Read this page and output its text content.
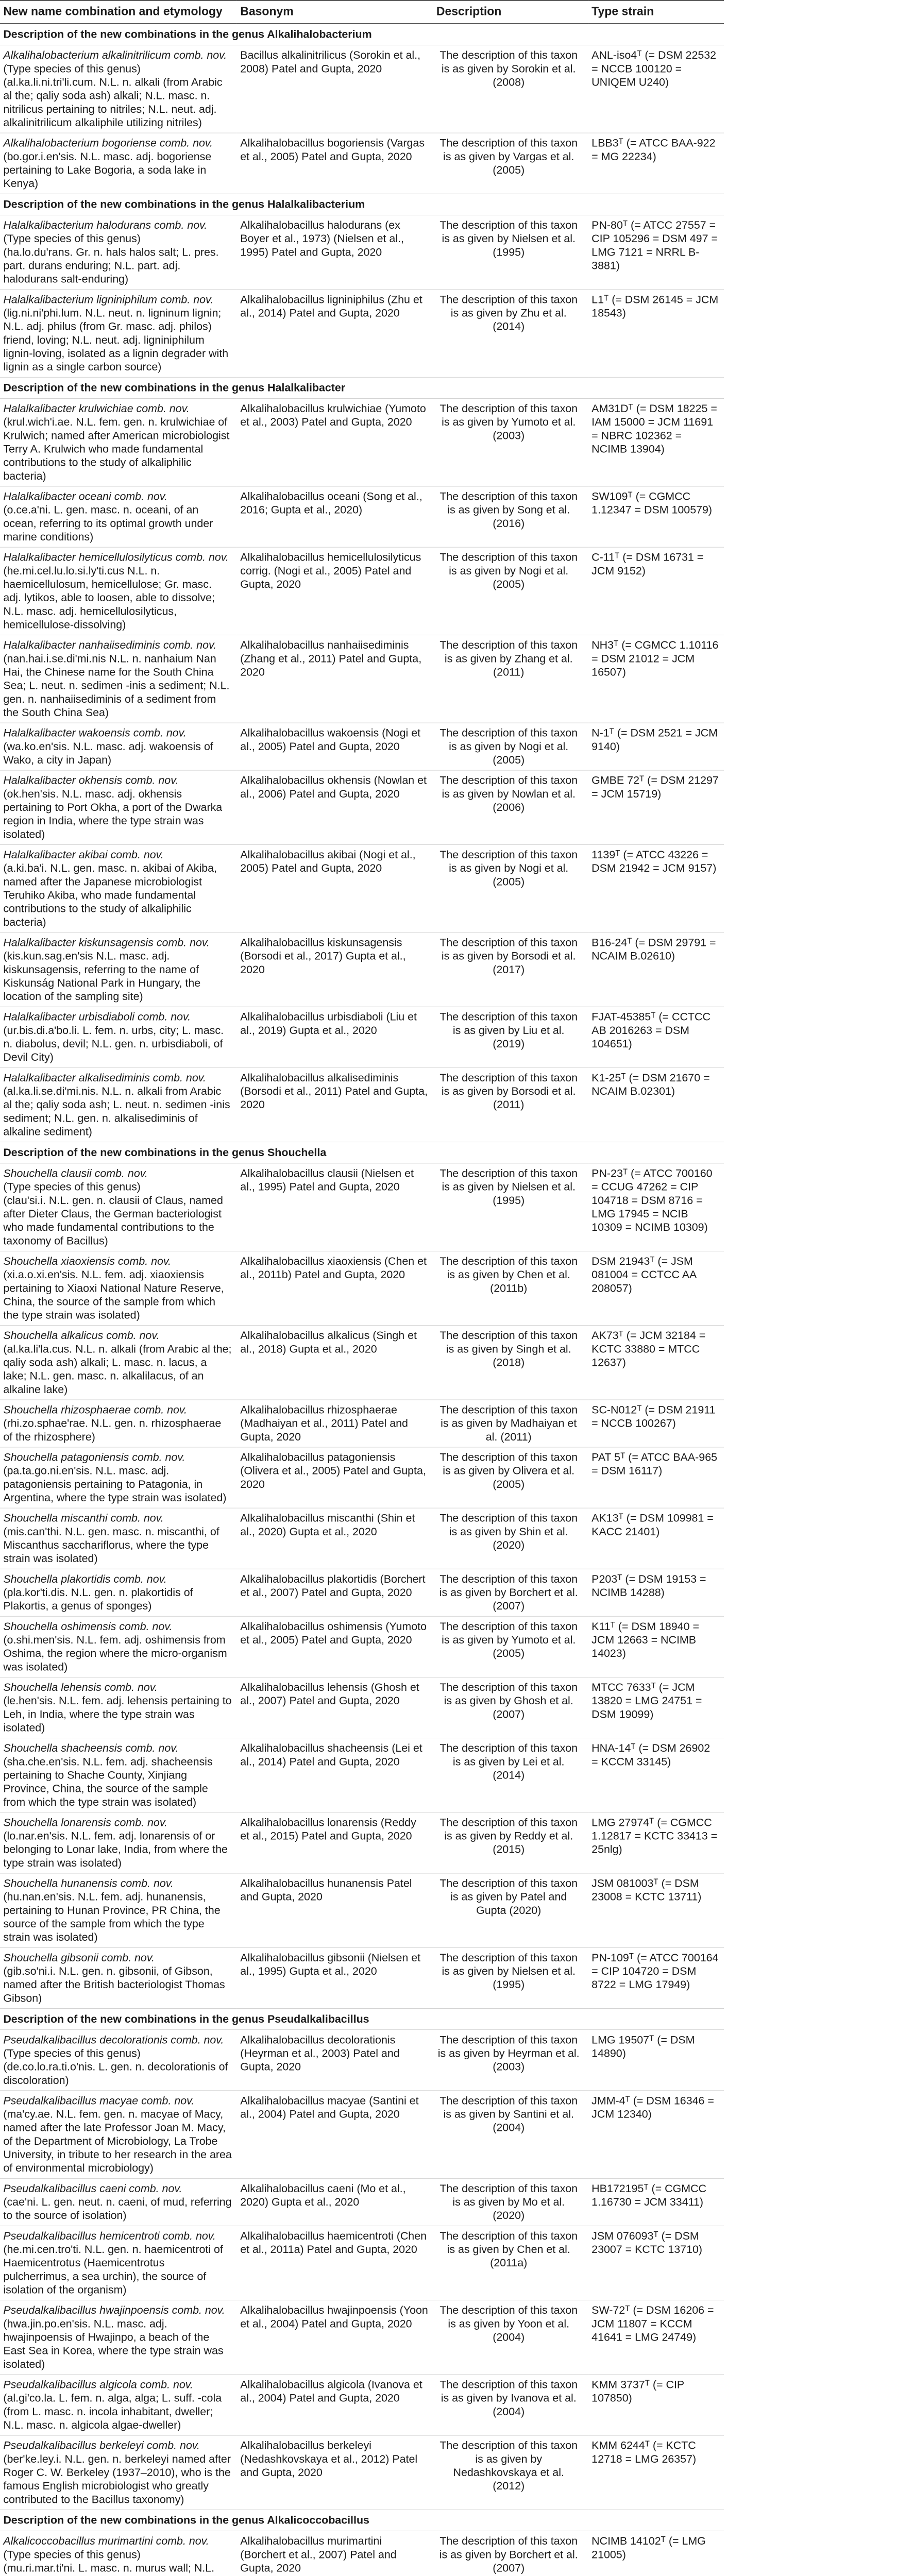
New name combination and etymology	Basonym	Description	Type strain
Description of the new combinations in the genus Alkalihalobacterium			

Alkalihalobacterium alkalinitrilicum comb. nov.
(Type species of this genus)
(al.ka.li.ni.tri'li.cum. N.L. n. alkali (from Arabic al the; qaliy soda ash) alkali; N.L. masc. n. nitrilicus pertaining to nitriles; N.L. neut. adj. alkalinitrilicum alkaliphile utilizing nitriles)	Bacillus alkalinitrilicus (Sorokin et al., 2008) Patel and Gupta, 2020	The description of this taxon is as given by Sorokin et al. (2008)	ANL-iso4ᵀ (= DSM 22532 = NCCB 100120 = UNIQEM U240)

Alkalihalobacterium bogoriense comb. nov.
(bo.gor.i.en'sis. N.L. masc. adj. bogoriense pertaining to Lake Bogoria, a soda lake in Kenya)	Alkalihalobacillus bogoriensis (Vargas et al., 2005) Patel and Gupta, 2020	The description of this taxon is as given by Vargas et al. (2005)	LBB3ᵀ (= ATCC BAA-922 = MG 22234)
Description of the new combinations in the genus Halalkalibacterium			

Halalkalibacterium halodurans comb. nov.
(Type species of this genus)
(ha.lo.du'rans. Gr. n. hals halos salt; L. pres. part. durans enduring; N.L. part. adj. halodurans salt-enduring)	Alkalihalobacillus halodurans (ex Boyer et al., 1973) (Nielsen et al., 1995) Patel and Gupta, 2020	The description of this taxon is as given by Nielsen et al. (1995)	PN-80ᵀ (= ATCC 27557 = CIP 105296 = DSM 497 = LMG 7121 = NRRL B-3881)

Halalkalibacterium ligniniphilum comb. nov.
(lig.ni.ni'phi.lum. N.L. neut. n. ligninum lignin; N.L. adj. philus (from Gr. masc. adj. philos) friend, loving; N.L. neut. adj. ligniniphilum lignin-loving, isolated as a lignin degrader with lignin as a single carbon source)	Alkalihalobacillus ligniniphilus (Zhu et al., 2014) Patel and Gupta, 2020	The description of this taxon is as given by Zhu et al. (2014)	L1ᵀ (= DSM 26145 = JCM 18543)
Description of the new combinations in the genus Halalkalibacter			

Halalkalibacter krulwichiae comb. nov.
(krul.wich'i.ae. N.L. fem. gen. n. krulwichiae of Krulwich; named after American microbiologist Terry A. Krulwich who made fundamental contributions to the study of alkaliphilic bacteria)	Alkalihalobacillus krulwichiae (Yumoto et al., 2003) Patel and Gupta, 2020	The description of this taxon is as given by Yumoto et al. (2003)	AM31Dᵀ (= DSM 18225 = IAM 15000 = JCM 11691 = NBRC 102362 = NCIMB 13904)

Halalkalibacter oceani comb. nov.
(o.ce.a'ni. L. gen. masc. n. oceani, of an ocean, referring to its optimal growth under marine conditions)	Alkalihalobacillus oceani (Song et al., 2016; Gupta et al., 2020)	The description of this taxon is as given by Song et al. (2016)	SW109ᵀ (= CGMCC 1.12347 = DSM 100579)

Halalkalibacter hemicellulosilyticus comb. nov.
(he.mi.cel.lu.lo.si.ly'ti.cus N.L. n. haemicellulosum, hemicellulose; Gr. masc. adj. lytikos, able to loosen, able to dissolve; N.L. masc. adj. hemicellulosilyticus, hemicellulose-dissolving)	Alkalihalobacillus hemicellulosilyticus corrig. (Nogi et al., 2005) Patel and Gupta, 2020	The description of this taxon is as given by Nogi et al. (2005)	C-11ᵀ (= DSM 16731 = JCM 9152)

Halalkalibacter nanhaiisediminis comb. nov.
(nan.hai.i.se.di'mi.nis N.L. n. nanhaium Nan Hai, the Chinese name for the South China Sea; L. neut. n. sedimen -inis a sediment; N.L. gen. n. nanhaiisediminis of a sediment from the South China Sea)	Alkalihalobacillus nanhaiisediminis (Zhang et al., 2011) Patel and Gupta, 2020	The description of this taxon is as given by Zhang et al. (2011)	NH3ᵀ (= CGMCC 1.10116 = DSM 21012 = JCM 16507)

Halalkalibacter wakoensis comb. nov.
(wa.ko.en'sis. N.L. masc. adj. wakoensis of Wako, a city in Japan)	Alkalihalobacillus wakoensis (Nogi et al., 2005) Patel and Gupta, 2020	The description of this taxon is as given by Nogi et al. (2005)	N-1ᵀ (= DSM 2521 = JCM 9140)

Halalkalibacter okhensis comb. nov.
(ok.hen'sis. N.L. masc. adj. okhensis pertaining to Port Okha, a port of the Dwarka region in India, where the type strain was isolated)	Alkalihalobacillus okhensis (Nowlan et al., 2006) Patel and Gupta, 2020	The description of this taxon is as given by Nowlan et al. (2006)	GMBE 72ᵀ (= DSM 21297 = JCM 15719)

Halalkalibacter akibai comb. nov.
(a.ki.ba'i. N.L. gen. masc. n. akibai of Akiba, named after the Japanese microbiologist Teruhiko Akiba, who made fundamental contributions to the study of alkaliphilic bacteria)	Alkalihalobacillus akibai (Nogi et al., 2005) Patel and Gupta, 2020	The description of this taxon is as given by Nogi et al. (2005)	1139ᵀ (= ATCC 43226 = DSM 21942 = JCM 9157)

Halalkalibacter kiskunsagensis comb. nov.
(kis.kun.sag.en'sis N.L. masc. adj. kiskunsagensis, referring to the name of Kiskunság National Park in Hungary, the location of the sampling site)	Alkalihalobacillus kiskunsagensis (Borsodi et al., 2017) Gupta et al., 2020	The description of this taxon is as given by Borsodi et al. (2017)	B16-24ᵀ (= DSM 29791 = NCAIM B.02610)

Halalkalibacter urbisdiaboli comb. nov.
(ur.bis.di.a'bo.li. L. fem. n. urbs, city; L. masc. n. diabolus, devil; N.L. gen. n. urbisdiaboli, of Devil City)	Alkalihalobacillus urbisdiaboli (Liu et al., 2019) Gupta et al., 2020	The description of this taxon is as given by Liu et al. (2019)	FJAT-45385ᵀ (= CCTCC AB 2016263 = DSM 104651)

Halalkalibacter alkalisediminis comb. nov.
(al.ka.li.se.di'mi.nis. N.L. n. alkali from Arabic al the; qaliy soda ash; L. neut. n. sedimen -inis sediment; N.L. gen. n. alkalisediminis of alkaline sediment)	Alkalihalobacillus alkalisediminis (Borsodi et al., 2011) Patel and Gupta, 2020	The description of this taxon is as given by Borsodi et al. (2011)	K1-25ᵀ (= DSM 21670 = NCAIM B.02301)
Description of the new combinations in the genus Shouchella			

Shouchella clausii comb. nov.
(Type species of this genus)
(clau'si.i. N.L. gen. n. clausii of Claus, named after Dieter Claus, the German bacteriologist who made fundamental contributions to the taxonomy of Bacillus)	Alkalihalobacillus clausii (Nielsen et al., 1995) Patel and Gupta, 2020	The description of this taxon is as given by Nielsen et al. (1995)	PN-23ᵀ (= ATCC 700160 = CCUG 47262 = CIP 104718 = DSM 8716 = LMG 17945 = NCIB 10309 = NCIMB 10309)

Shouchella xiaoxiensis comb. nov.
(xi.a.o.xi.en'sis. N.L. fem. adj. xiaoxiensis pertaining to Xiaoxi National Nature Reserve, China, the source of the sample from which the type strain was isolated)	Alkalihalobacillus xiaoxiensis (Chen et al., 2011b) Patel and Gupta, 2020	The description of this taxon is as given by Chen et al. (2011b)	DSM 21943ᵀ (= JSM 081004 = CCTCC AA 208057)

Shouchella alkalicus comb. nov.
(al.ka.li'la.cus. N.L. n. alkali (from Arabic al the; qaliy soda ash) alkali; L. masc. n. lacus, a lake; N.L. gen. masc. n. alkalilacus, of an alkaline lake)	Alkalihalobacillus alkalicus (Singh et al., 2018) Gupta et al., 2020	The description of this taxon is as given by Singh et al. (2018)	AK73ᵀ (= JCM 32184 = KCTC 33880 = MTCC 12637)

Shouchella rhizosphaerae comb. nov.
(rhi.zo.sphae'rae. N.L. gen. n. rhizosphaerae of the rhizosphere)	Alkalihalobacillus rhizosphaerae (Madhaiyan et al., 2011) Patel and Gupta, 2020	The description of this taxon is as given by Madhaiyan et al. (2011)	SC-N012ᵀ (= DSM 21911 = NCCB 100267)

Shouchella patagoniensis comb. nov.
(pa.ta.go.ni.en'sis. N.L. masc. adj. patagoniensis pertaining to Patagonia, in Argentina, where the type strain was isolated)	Alkalihalobacillus patagoniensis (Olivera et al., 2005) Patel and Gupta, 2020	The description of this taxon is as given by Olivera et al. (2005)	PAT 5ᵀ (= ATCC BAA-965 = DSM 16117)

Shouchella miscanthi comb. nov.
(mis.can'thi. N.L. gen. masc. n. miscanthi, of Miscanthus sacchariflorus, where the type strain was isolated)	Alkalihalobacillus miscanthi (Shin et al., 2020) Gupta et al., 2020	The description of this taxon is as given by Shin et al. (2020)	AK13ᵀ (= DSM 109981 = KACC 21401)

Shouchella plakortidis comb. nov.
(pla.kor'ti.dis. N.L. gen. n. plakortidis of Plakortis, a genus of sponges)	Alkalihalobacillus plakortidis (Borchert et al., 2007) Patel and Gupta, 2020	The description of this taxon is as given by Borchert et al. (2007)	P203ᵀ (= DSM 19153 = NCIMB 14288)

Shouchella oshimensis comb. nov.
(o.shi.men'sis. N.L. fem. adj. oshimensis from Oshima, the region where the micro-organism was isolated)	Alkalihalobacillus oshimensis (Yumoto et al., 2005) Patel and Gupta, 2020	The description of this taxon is as given by Yumoto et al. (2005)	K11ᵀ (= DSM 18940 = JCM 12663 = NCIMB 14023)

Shouchella lehensis comb. nov.
(le.hen'sis. N.L. fem. adj. lehensis pertaining to Leh, in India, where the type strain was isolated)	Alkalihalobacillus lehensis (Ghosh et al., 2007) Patel and Gupta, 2020	The description of this taxon is as given by Ghosh et al. (2007)	MTCC 7633ᵀ (= JCM 13820 = LMG 24751 = DSM 19099)

Shouchella shacheensis comb. nov.
(sha.che.en'sis. N.L. fem. adj. shacheensis pertaining to Shache County, Xinjiang Province, China, the source of the sample from which the type strain was isolated)	Alkalihalobacillus shacheensis (Lei et al., 2014) Patel and Gupta, 2020	The description of this taxon is as given by Lei et al. (2014)	HNA-14ᵀ (= DSM 26902 = KCCM 33145)

Shouchella lonarensis comb. nov.
(lo.nar.en'sis. N.L. fem. adj. lonarensis of or belonging to Lonar lake, India, from where the type strain was isolated)	Alkalihalobacillus lonarensis (Reddy et al., 2015) Patel and Gupta, 2020	The description of this taxon is as given by Reddy et al. (2015)	LMG 27974ᵀ (= CGMCC 1.12817 = KCTC 33413 = 25nlg)

Shouchella hunanensis comb. nov.
(hu.nan.en'sis. N.L. fem. adj. hunanensis, pertaining to Hunan Province, PR China, the source of the sample from which the type strain was isolated)	Alkalihalobacillus hunanensis Patel and Gupta, 2020	The description of this taxon is as given by Patel and Gupta (2020)	JSM 081003ᵀ (= DSM 23008 = KCTC 13711)

Shouchella gibsonii comb. nov.
(gib.so'ni.i. N.L. gen. n. gibsonii, of Gibson, named after the British bacteriologist Thomas Gibson)	Alkalihalobacillus gibsonii (Nielsen et al., 1995) Gupta et al., 2020	The description of this taxon is as given by Nielsen et al. (1995)	PN-109ᵀ (= ATCC 700164 = CIP 104720 = DSM 8722 = LMG 17949)
Description of the new combinations in the genus Pseudalkalibacillus			

Pseudalkalibacillus decolorationis comb. nov.
(Type species of this genus)
(de.co.lo.ra.ti.o'nis. L. gen. n. decolorationis of discoloration)	Alkalihalobacillus decolorationis (Heyrman et al., 2003) Patel and Gupta, 2020	The description of this taxon is as given by Heyrman et al. (2003)	LMG 19507ᵀ (= DSM 14890)

Pseudalkalibacillus macyae comb. nov.
(ma'cy.ae. N.L. fem. gen. n. macyae of Macy, named after the late Professor Joan M. Macy, of the Department of Microbiology, La Trobe University, in tribute to her research in the area of environmental microbiology)	Alkalihalobacillus macyae (Santini et al., 2004) Patel and Gupta, 2020	The description of this taxon is as given by Santini et al. (2004)	JMM-4ᵀ (= DSM 16346 = JCM 12340)

Pseudalkalibacillus caeni comb. nov.
(cae'ni. L. gen. neut. n. caeni, of mud, referring to the source of isolation)	Alkalihalobacillus caeni (Mo et al., 2020) Gupta et al., 2020	The description of this taxon is as given by Mo et al. (2020)	HB172195ᵀ (= CGMCC 1.16730 = JCM 33411)

Pseudalkalibacillus hemicentroti comb. nov.
(he.mi.cen.tro'ti. N.L. gen. n. haemicentroti of Haemicentrotus (Haemicentrotus pulcherrimus, a sea urchin), the source of isolation of the organism)	Alkalihalobacillus haemicentroti (Chen et al., 2011a) Patel and Gupta, 2020	The description of this taxon is as given by Chen et al. (2011a)	JSM 076093ᵀ (= DSM 23007 = KCTC 13710)

Pseudalkalibacillus hwajinpoensis comb. nov.
(hwa.jin.po.en'sis. N.L. masc. adj. hwajinpoensis of Hwajinpo, a beach of the East Sea in Korea, where the type strain was isolated)	Alkalihalobacillus hwajinpoensis (Yoon et al., 2004) Patel and Gupta, 2020	The description of this taxon is as given by Yoon et al. (2004)	SW-72ᵀ (= DSM 16206 = JCM 11807 = KCCM 41641 = LMG 24749)

Pseudalkalibacillus algicola comb. nov.
(al.gi'co.la. L. fem. n. alga, alga; L. suff. -cola (from L. masc. n. incola inhabitant, dweller; N.L. masc. n. algicola algae-dweller)	Alkalihalobacillus algicola (Ivanova et al., 2004) Patel and Gupta, 2020	The description of this taxon is as given by Ivanova et al. (2004)	KMM 3737ᵀ (= CIP 107850)

Pseudalkalibacillus berkeleyi comb. nov.
(ber'ke.ley.i. N.L. gen. n. berkeleyi named after Roger C. W. Berkeley (1937–2010), who is the famous English microbiologist who greatly contributed to the Bacillus taxonomy)	Alkalihalobacillus berkeleyi (Nedashkovskaya et al., 2012) Patel and Gupta, 2020	The description of this taxon is as given by Nedashkovskaya et al. (2012)	KMM 6244ᵀ (= KCTC 12718 = LMG 26357)
Description of the new combinations in the genus Alkalicoccobacillus			

Alkalicoccobacillus murimartini comb. nov.
(Type species of this genus)
(mu.ri.mar.ti'ni. L. masc. n. murus wall; N.L.	Alkalihalobacillus murimartini (Borchert et al., 2007) Patel and Gupta, 2020	The description of this taxon is as given by Borchert et al. (2007)	NCIMB 14102ᵀ (= LMG 21005)
